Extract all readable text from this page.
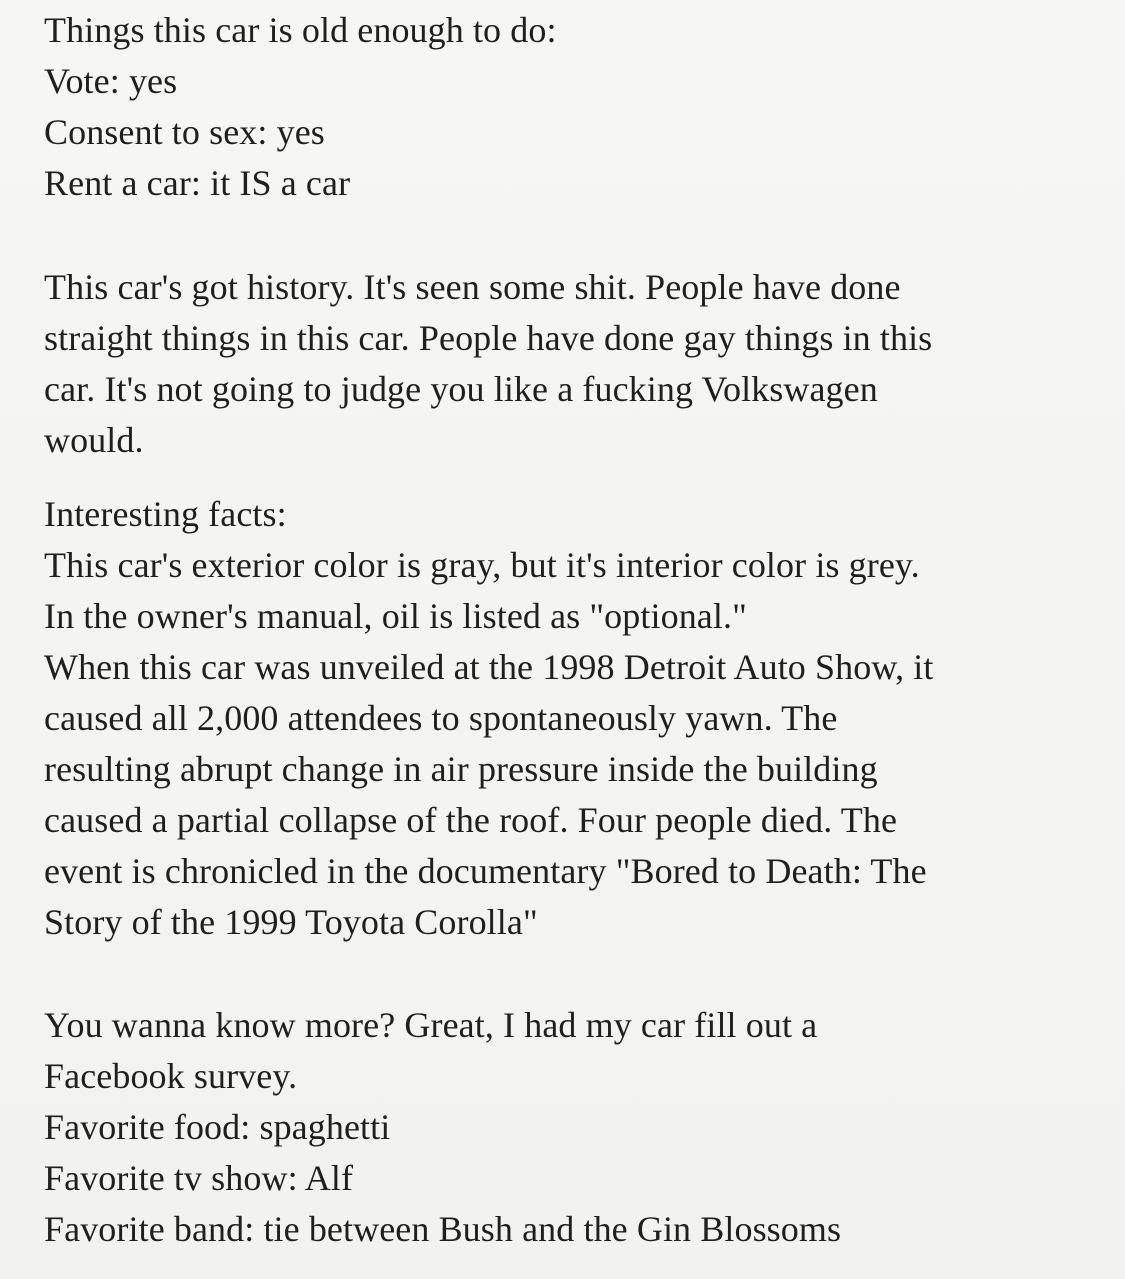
Things this car is old enough to do:
Vote: yes
Consent to sex: yes
Rent a car: it IS a car
This car's got history. It's seen some shit. People have done
straight things in this car. People have done gay things in this
car. It's not going to judge you like a fucking Volkswagen
would.
Interesting facts:
This car's exterior color is gray, but it's interior color is grey.
In the owner's manual, oil is listed as "optional."
When this car was unveiled at the 1998 Detroit Auto Show, it
caused all 2,000 attendees to spontaneously yawn. The
resulting abrupt change in air pressure inside the building
caused a partial collapse of the roof. Four people died. The
event is chronicled in the documentary "Bored to Death: The
Story of the 1999 Toyota Corolla"
You wanna know more? Great, I had my car fill out a
Facebook survey.
Favorite food: spaghetti
Favorite tv show: Alf
Favorite band: tie between Bush and the Gin Blossoms
